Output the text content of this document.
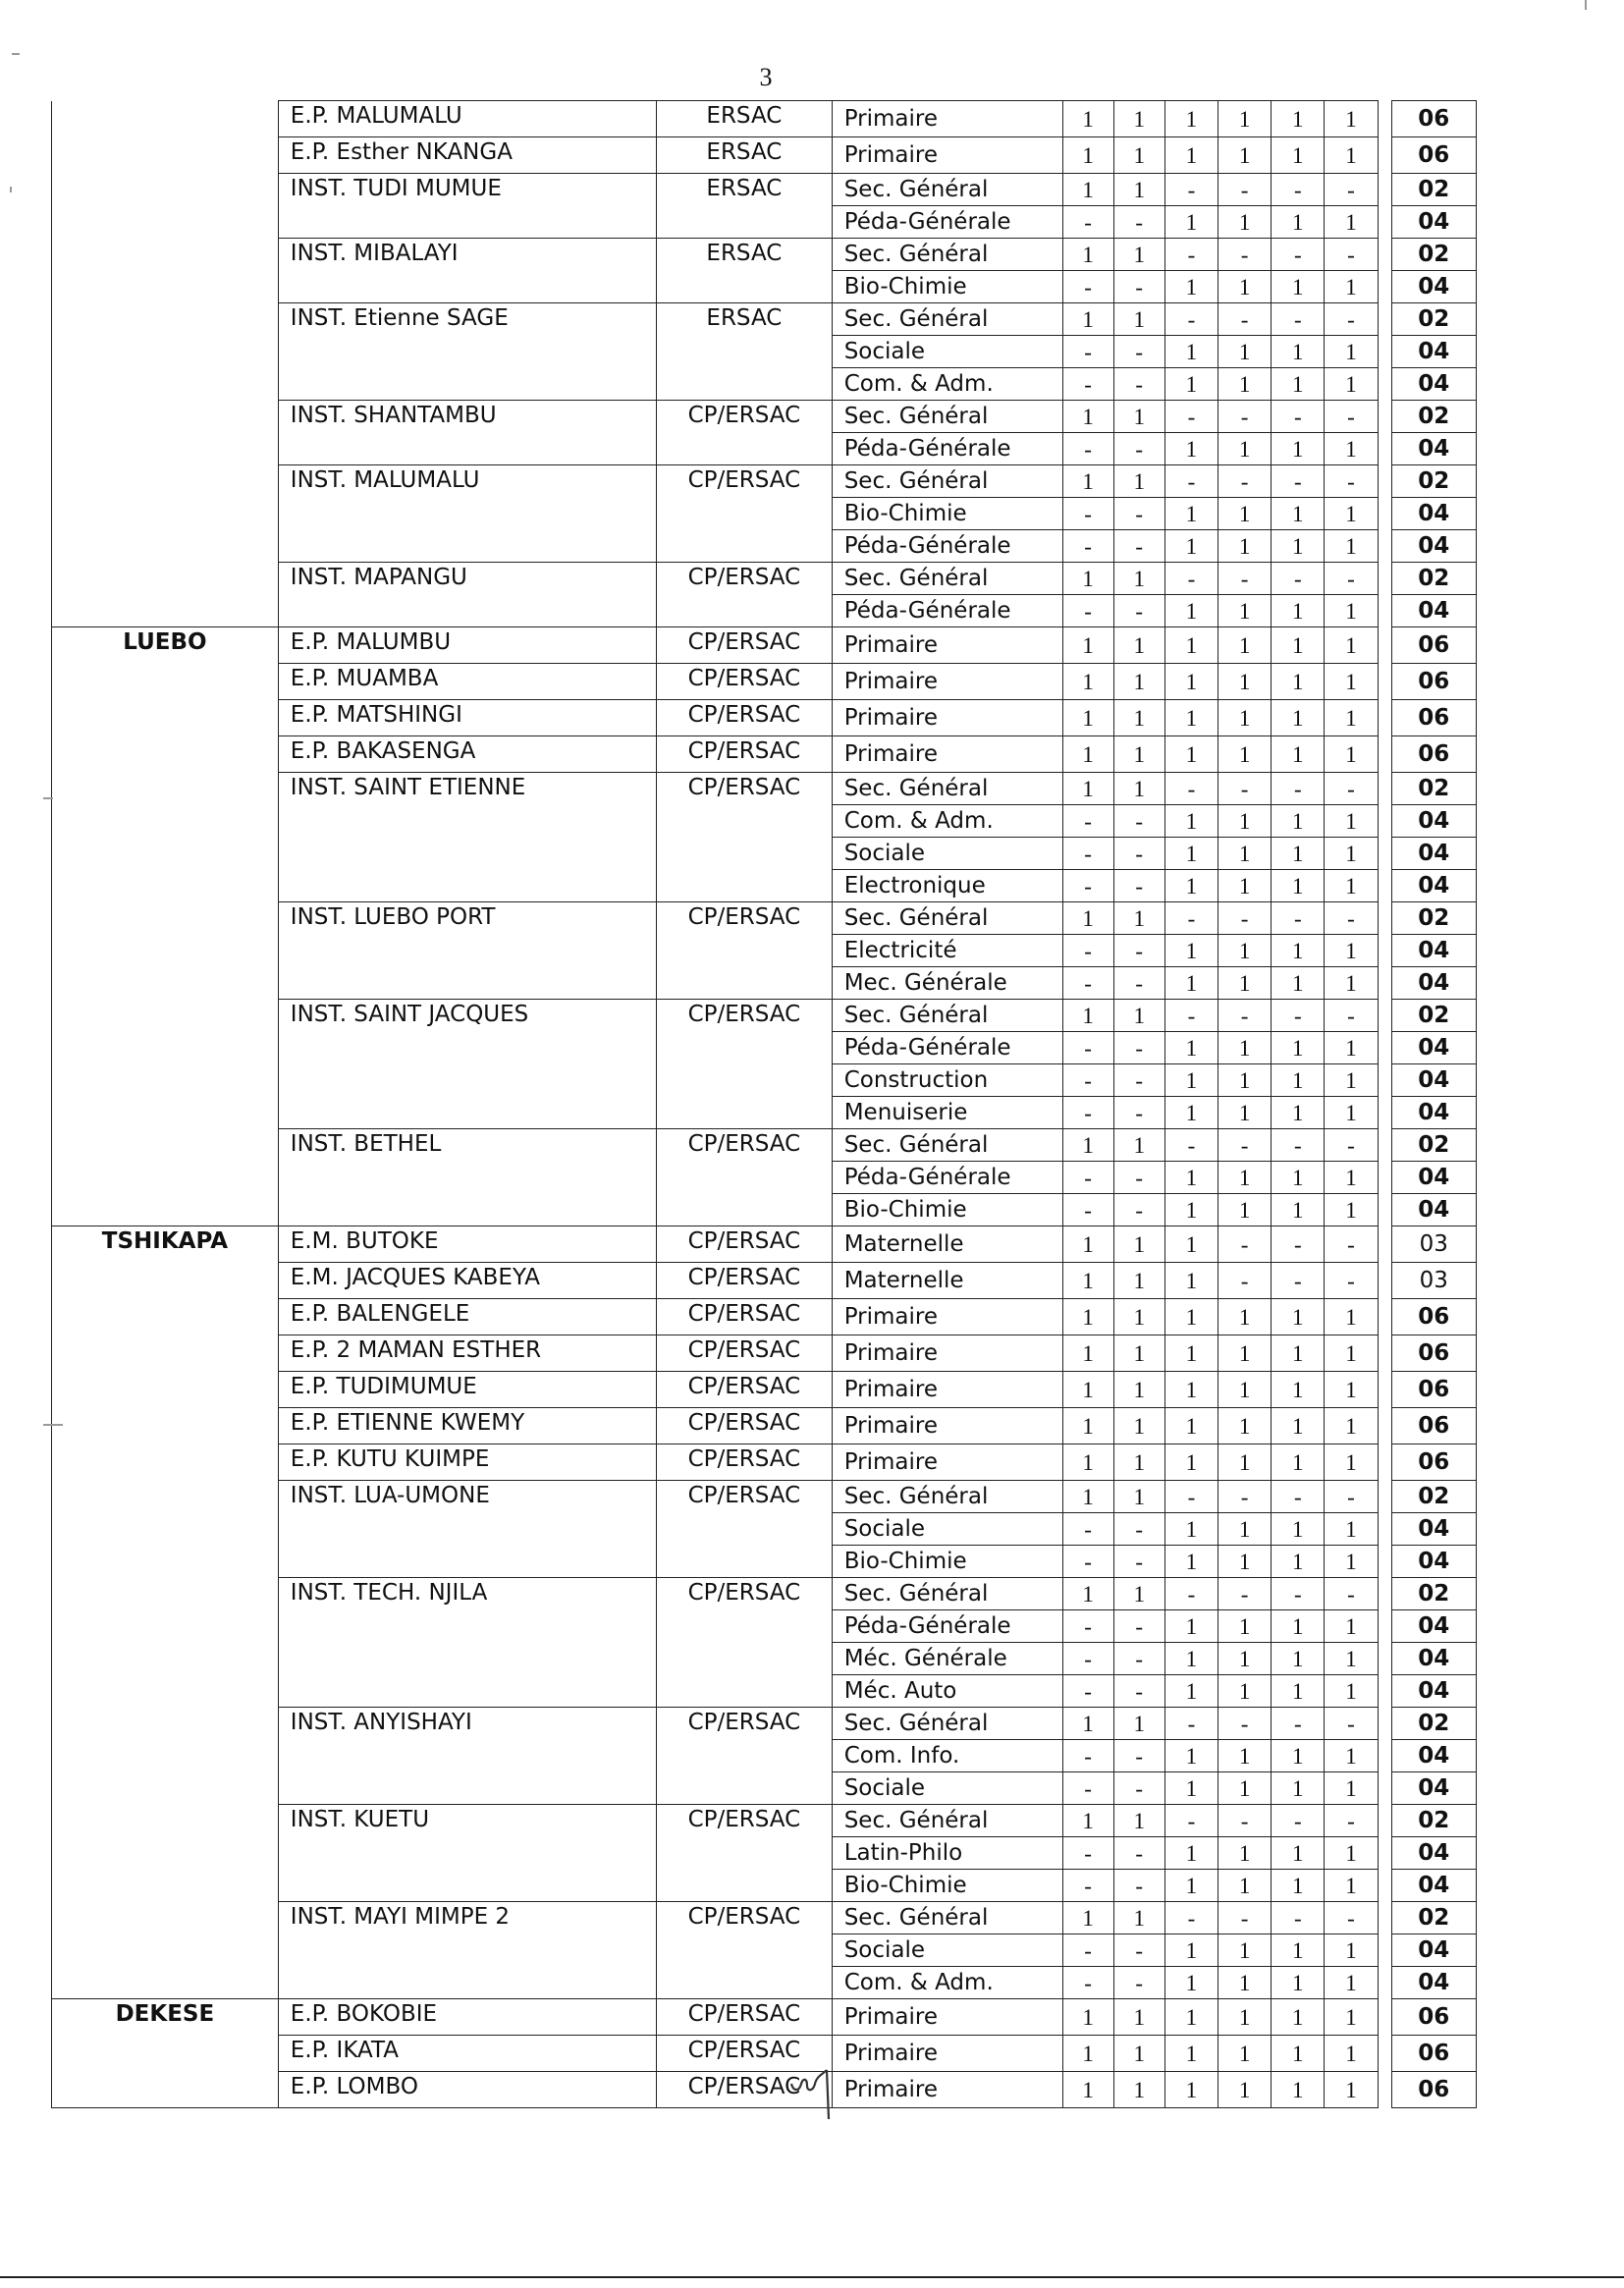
3
	E.P. MALUMALU	ERSAC	Primaire	1	1	1	1	1	1		06
	E.P. Esther NKANGA	ERSAC	Primaire	1	1	1	1	1	1		06
	INST. TUDI MUMUE	ERSAC	Sec. Général	1	1	-	-	-	-		02
			Péda-Générale	-	-	1	1	1	1		04
	INST. MIBALAYI	ERSAC	Sec. Général	1	1	-	-	-	-		02
			Bio-Chimie	-	-	1	1	1	1		04
	INST. Etienne SAGE	ERSAC	Sec. Général	1	1	-	-	-	-		02
			Sociale	-	-	1	1	1	1		04
			Com. & Adm.	-	-	1	1	1	1		04
	INST. SHANTAMBU	CP/ERSAC	Sec. Général	1	1	-	-	-	-		02
			Péda-Générale	-	-	1	1	1	1		04
	INST. MALUMALU	CP/ERSAC	Sec. Général	1	1	-	-	-	-		02
			Bio-Chimie	-	-	1	1	1	1		04
			Péda-Générale	-	-	1	1	1	1		04
	INST. MAPANGU	CP/ERSAC	Sec. Général	1	1	-	-	-	-		02
			Péda-Générale	-	-	1	1	1	1		04
LUEBO	E.P. MALUMBU	CP/ERSAC	Primaire	1	1	1	1	1	1		06
	E.P. MUAMBA	CP/ERSAC	Primaire	1	1	1	1	1	1		06
	E.P. MATSHINGI	CP/ERSAC	Primaire	1	1	1	1	1	1		06
	E.P. BAKASENGA	CP/ERSAC	Primaire	1	1	1	1	1	1		06
	INST. SAINT ETIENNE	CP/ERSAC	Sec. Général	1	1	-	-	-	-		02
			Com. & Adm.	-	-	1	1	1	1		04
			Sociale	-	-	1	1	1	1		04
			Electronique	-	-	1	1	1	1		04
	INST. LUEBO PORT	CP/ERSAC	Sec. Général	1	1	-	-	-	-		02
			Electricité	-	-	1	1	1	1		04
			Mec. Générale	-	-	1	1	1	1		04
	INST. SAINT JACQUES	CP/ERSAC	Sec. Général	1	1	-	-	-	-		02
			Péda-Générale	-	-	1	1	1	1		04
			Construction	-	-	1	1	1	1		04
			Menuiserie	-	-	1	1	1	1		04
	INST. BETHEL	CP/ERSAC	Sec. Général	1	1	-	-	-	-		02
			Péda-Générale	-	-	1	1	1	1		04
			Bio-Chimie	-	-	1	1	1	1		04
TSHIKAPA	E.M. BUTOKE	CP/ERSAC	Maternelle	1	1	1	-	-	-		03
	E.M. JACQUES KABEYA	CP/ERSAC	Maternelle	1	1	1	-	-	-		03
	E.P. BALENGELE	CP/ERSAC	Primaire	1	1	1	1	1	1		06
	E.P. 2 MAMAN ESTHER	CP/ERSAC	Primaire	1	1	1	1	1	1		06
	E.P. TUDIMUMUE	CP/ERSAC	Primaire	1	1	1	1	1	1		06
	E.P. ETIENNE KWEMY	CP/ERSAC	Primaire	1	1	1	1	1	1		06
	E.P. KUTU KUIMPE	CP/ERSAC	Primaire	1	1	1	1	1	1		06
	INST. LUA-UMONE	CP/ERSAC	Sec. Général	1	1	-	-	-	-		02
			Sociale	-	-	1	1	1	1		04
			Bio-Chimie	-	-	1	1	1	1		04
	INST. TECH. NJILA	CP/ERSAC	Sec. Général	1	1	-	-	-	-		02
			Péda-Générale	-	-	1	1	1	1		04
			Méc. Générale	-	-	1	1	1	1		04
			Méc. Auto	-	-	1	1	1	1		04
	INST. ANYISHAYI	CP/ERSAC	Sec. Général	1	1	-	-	-	-		02
			Com. Info.	-	-	1	1	1	1		04
			Sociale	-	-	1	1	1	1		04
	INST. KUETU	CP/ERSAC	Sec. Général	1	1	-	-	-	-		02
			Latin-Philo	-	-	1	1	1	1		04
			Bio-Chimie	-	-	1	1	1	1		04
	INST. MAYI MIMPE 2	CP/ERSAC	Sec. Général	1	1	-	-	-	-		02
			Sociale	-	-	1	1	1	1		04
			Com. & Adm.	-	-	1	1	1	1		04
DEKESE	E.P. BOKOBIE	CP/ERSAC	Primaire	1	1	1	1	1	1		06
	E.P. IKATA	CP/ERSAC	Primaire	1	1	1	1	1	1		06
	E.P. LOMBO	CP/ERSAC	Primaire	1	1	1	1	1	1		06
